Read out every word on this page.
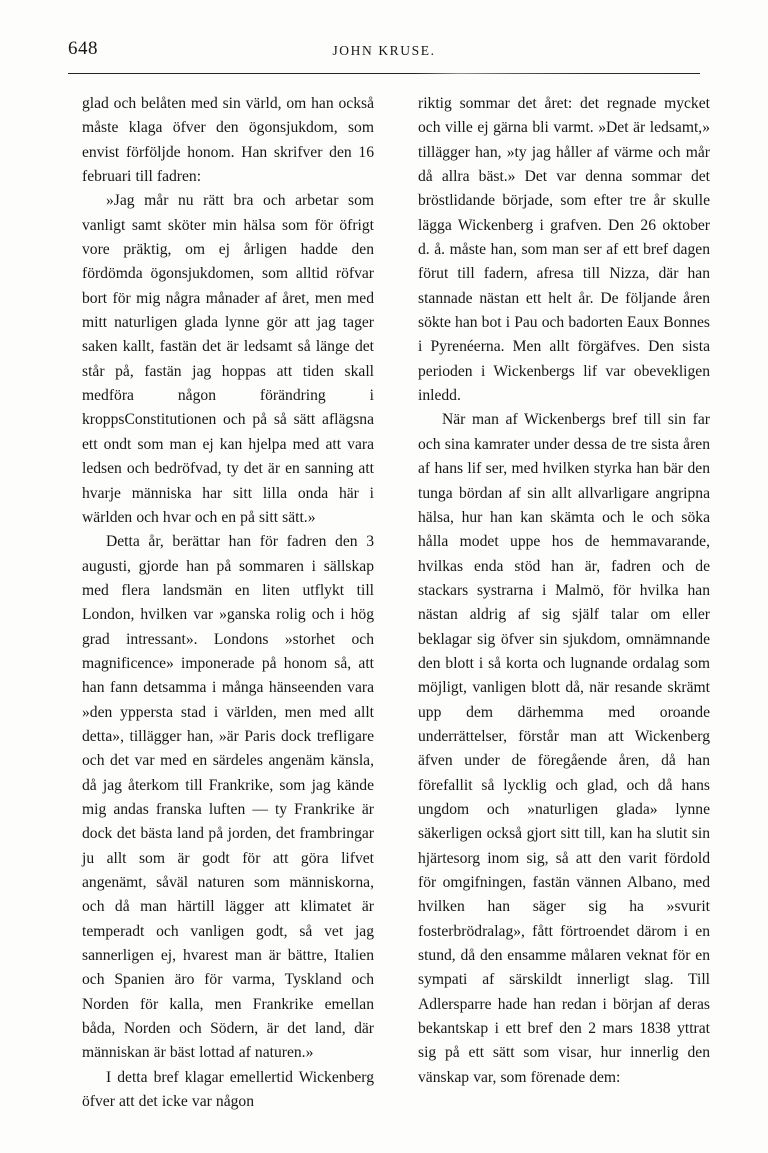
648	JOHN KRUSE.

glad och belåten med sin värld, om han också måste klaga öfver den ögonsjukdom, som envist förföljde honom. Han skrifver den 16 februari till fadren:

»Jag mår nu rätt bra och arbetar som vanligt samt sköter min hälsa som för öfrigt vore präktig, om ej årligen hadde den fördömda ögonsjukdomen, som alltid röfvar bort för mig några månader af året, men med mitt naturligen glada lynne gör att jag tager saken kallt, fastän det är ledsamt så länge det står på, fastän jag hoppas att tiden skall medföra någon förändring i kroppsConstitutionen och på så sätt aflägsna ett ondt som man ej kan hjelpa med att vara ledsen och bedröfvad, ty det är en sanning att hvarje människa har sitt lilla onda här i wärlden och hvar och en på sitt sätt.»

Detta år, berättar han för fadren den 3 augusti, gjorde han på sommaren i sällskap med flera landsmän en liten utflykt till London, hvilken var »ganska rolig och i hög grad intressant». Londons »storhet och magnificence» imponerade på honom så, att han fann detsamma i många hänseenden vara »den yppersta stad i världen, men med allt detta», tillägger han, »är Paris dock trefligare och det var med en särdeles angenäm känsla, då jag återkom till Frankrike, som jag kände mig andas franska luften — ty Frankrike är dock det bästa land på jorden, det frambringar ju allt som är godt för att göra lifvet angenämt, såväl naturen som människorna, och då man härtill lägger att klimatet är temperadt och vanligen godt, så vet jag sannerligen ej, hvarest man är bättre, Italien och Spanien äro för varma, Tyskland och Norden för kalla, men Frankrike emellan båda, Norden och Södern, är det land, där människan är bäst lottad af naturen.»

I detta bref klagar emellertid Wickenberg öfver att det icke var någon

riktig sommar det året: det regnade mycket och ville ej gärna bli varmt. »Det är ledsamt,» tillägger han, »ty jag håller af värme och mår då allra bäst.» Det var denna sommar det bröstlidande började, som efter tre år skulle lägga Wickenberg i grafven. Den 26 oktober d. å. måste han, som man ser af ett bref dagen förut till fadern, afresa till Nizza, där han stannade nästan ett helt år. De följande åren sökte han bot i Pau och badorten Eaux Bonnes i Pyrenéerna. Men allt förgäfves. Den sista perioden i Wickenbergs lif var obevekligen inledd.

När man af Wickenbergs bref till sin far och sina kamrater under dessa de tre sista åren af hans lif ser, med hvilken styrka han bär den tunga bördan af sin allt allvarligare angripna hälsa, hur han kan skämta och le och söka hålla modet uppe hos de hemmavarande, hvilkas enda stöd han är, fadren och de stackars systrarna i Malmö, för hvilka han nästan aldrig af sig själf talar om eller beklagar sig öfver sin sjukdom, omnämnande den blott i så korta och lugnande ordalag som möjligt, vanligen blott då, när resande skrämt upp dem därhemma med oroande underrättelser, förstår man att Wickenberg äfven under de föregående åren, då han förefallit så lycklig och glad, och då hans ungdom och »naturligen glada» lynne säkerligen också gjort sitt till, kan ha slutit sin hjärtesorg inom sig, så att den varit fördold för omgifningen, fastän vännen Albano, med hvilken han säger sig ha »svurit fosterbrödralag», fått förtroendet därom i en stund, då den ensamme målaren veknat för en sympati af särskildt innerligt slag. Till Adlersparre hade han redan i början af deras bekantskap i ett bref den 2 mars 1838 yttrat sig på ett sätt som visar, hur innerlig den vänskap var, som förenade dem:
